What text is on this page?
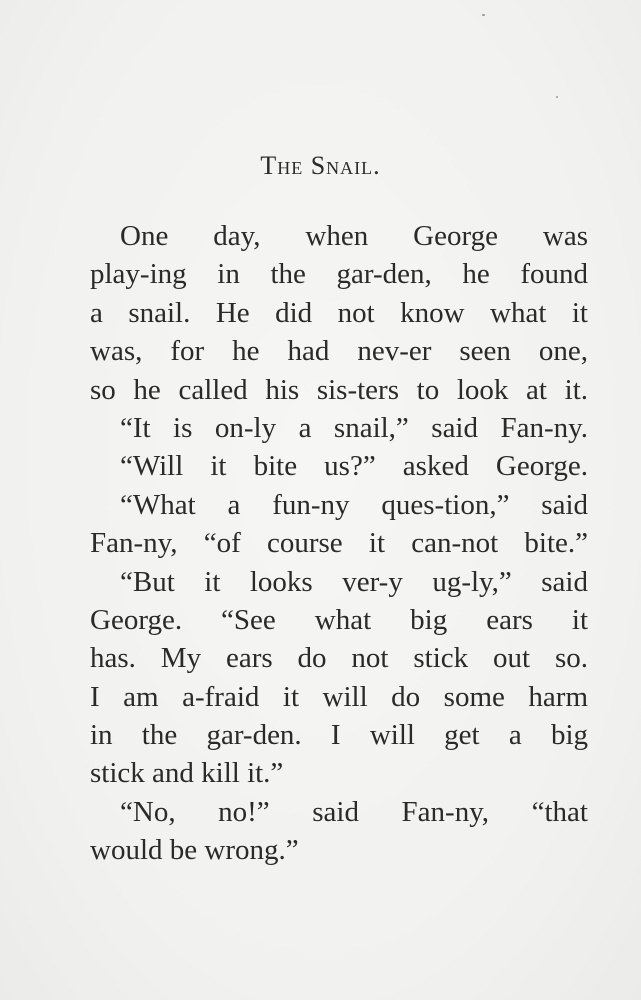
The Snail.
One day, when George was
play-ing in the gar-den, he found
a snail. He did not know what it
was, for he had nev-er seen one,
so he called his sis-ters to look at it.
“It is on-ly a snail,” said Fan-ny.
“Will it bite us?” asked George.
“What a fun-ny ques-tion,” said
Fan-ny, “of course it can-not bite.”
“But it looks ver-y ug-ly,” said
George. “See what big ears it
has. My ears do not stick out so.
I am a-fraid it will do some harm
in the gar-den. I will get a big
stick and kill it.”
“No, no!” said Fan-ny, “that
would be wrong.”
